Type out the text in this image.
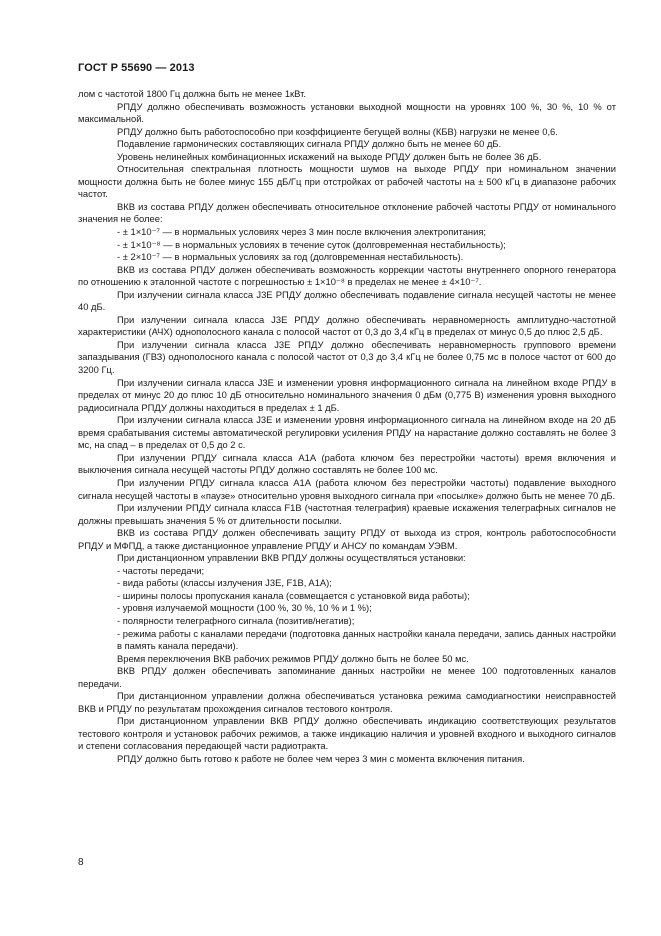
ГОСТ Р 55690 — 2013

лом с частотой 1800 Гц должна быть не менее 1кВт.

РПДУ должно обеспечивать возможность установки выходной мощности на уровнях 100 %, 30 %, 10 % от максимальной.

РПДУ должно быть работоспособно при коэффициенте бегущей волны (КБВ) нагрузки не менее 0,6.

Подавление гармонических составляющих сигнала РПДУ должно быть не менее 60 дБ.

Уровень нелинейных комбинационных искажений на выходе РПДУ должен быть не более 36 дБ.

Относительная спектральная плотность мощности шумов на выходе РПДУ при номинальном значении мощности должна быть не более минус 155 дБ/Гц при отстройках от рабочей частоты на ± 500 кГц в диапазоне рабочих частот.

ВКВ из состава РПДУ должен обеспечивать относительное отклонение рабочей частоты РПДУ от номинального значения не более:

- ± 1×10⁻⁷ — в нормальных условиях через 3 мин после включения электропитания;

- ± 1×10⁻⁸ — в нормальных условиях в течение суток (долговременная нестабильность);

- ± 2×10⁻⁷ — в нормальных условиях за год (долговременная нестабильность).

ВКВ из состава РПДУ должен обеспечивать возможность коррекции частоты внутреннего опорного генератора по отношению к эталонной частоте с погрешностью ± 1×10⁻⁸ в пределах не менее ± 4×10⁻⁷.

При излучении сигнала класса J3E РПДУ должно обеспечивать подавление сигнала несущей частоты не менее 40 дБ.

При излучении сигнала класса J3E РПДУ должно обеспечивать неравномерность амплитудно-частотной характеристики (АЧХ) однополосного канала с полосой частот от 0,3 до 3,4 кГц в пределах от минус 0,5 до плюс 2,5 дБ.

При излучении сигнала класса J3E РПДУ должно обеспечивать неравномерность группового времени запаздывания (ГВЗ) однополосного канала с полосой частот от 0,3 до 3,4 кГц не более 0,75 мс в полосе частот от 600 до 3200 Гц.

При излучении сигнала класса J3E и изменении уровня информационного сигнала на линейном входе РПДУ в пределах от минус 20 до плюс 10 дБ относительно номинального значения 0 дБм (0,775 В) изменения уровня выходного радиосигнала РПДУ должны находиться в пределах ± 1 дБ.

При излучении сигнала класса J3E и изменении уровня информационного сигнала на линейном входе на 20 дБ время срабатывания системы автоматической регулировки усиления РПДУ на нарастание должно составлять не более 3 мс, на спад – в пределах от 0,5 до 2 с.

При излучении РПДУ сигнала класса A1A (работа ключом без перестройки частоты) время включения и выключения сигнала несущей частоты РПДУ должно составлять не более 100 мс.

При излучении РПДУ сигнала класса A1A (работа ключом без перестройки частоты) подавление выходного сигнала несущей частоты в «паузе» относительно уровня выходного сигнала при «посылке» должно быть не менее 70 дБ.

При излучении РПДУ сигнала класса F1B (частотная телеграфия) краевые искажения телеграфных сигналов не должны превышать значения 5 % от длительности посылки.

ВКВ из состава РПДУ должен обеспечивать защиту РПДУ от выхода из строя, контроль работоспособности РПДУ и МФПД, а также дистанционное управление РПДУ и АНСУ по командам УЭВМ.

При дистанционном управлении ВКВ РПДУ должны осуществляться установки:

- частоты передачи;

- вида работы (классы излучения J3E, F1B, A1A);

- ширины полосы пропускания канала (совмещается с установкой вида работы);

- уровня излучаемой мощности (100 %, 30 %, 10 % и 1 %);

- полярности телеграфного сигнала (позитив/негатив);

- режима работы с каналами передачи (подготовка данных настройки канала передачи, запись данных настройки в память канала передачи).

Время переключения ВКВ рабочих режимов РПДУ должно быть не более 50 мс.

ВКВ РПДУ должен обеспечивать запоминание данных настройки не менее 100 подготовленных каналов передачи.

При дистанционном управлении должна обеспечиваться установка режима самодиагностики неисправностей ВКВ и РПДУ по результатам прохождения сигналов тестового контроля.

При дистанционном управлении ВКВ РПДУ должно обеспечивать индикацию соответствующих результатов тестового контроля и установок рабочих режимов, а также индикацию наличия и уровней входного и выходного сигналов и степени согласования передающей части радиотракта.

РПДУ должно быть готово к работе не более чем через 3 мин с момента включения питания.

8
